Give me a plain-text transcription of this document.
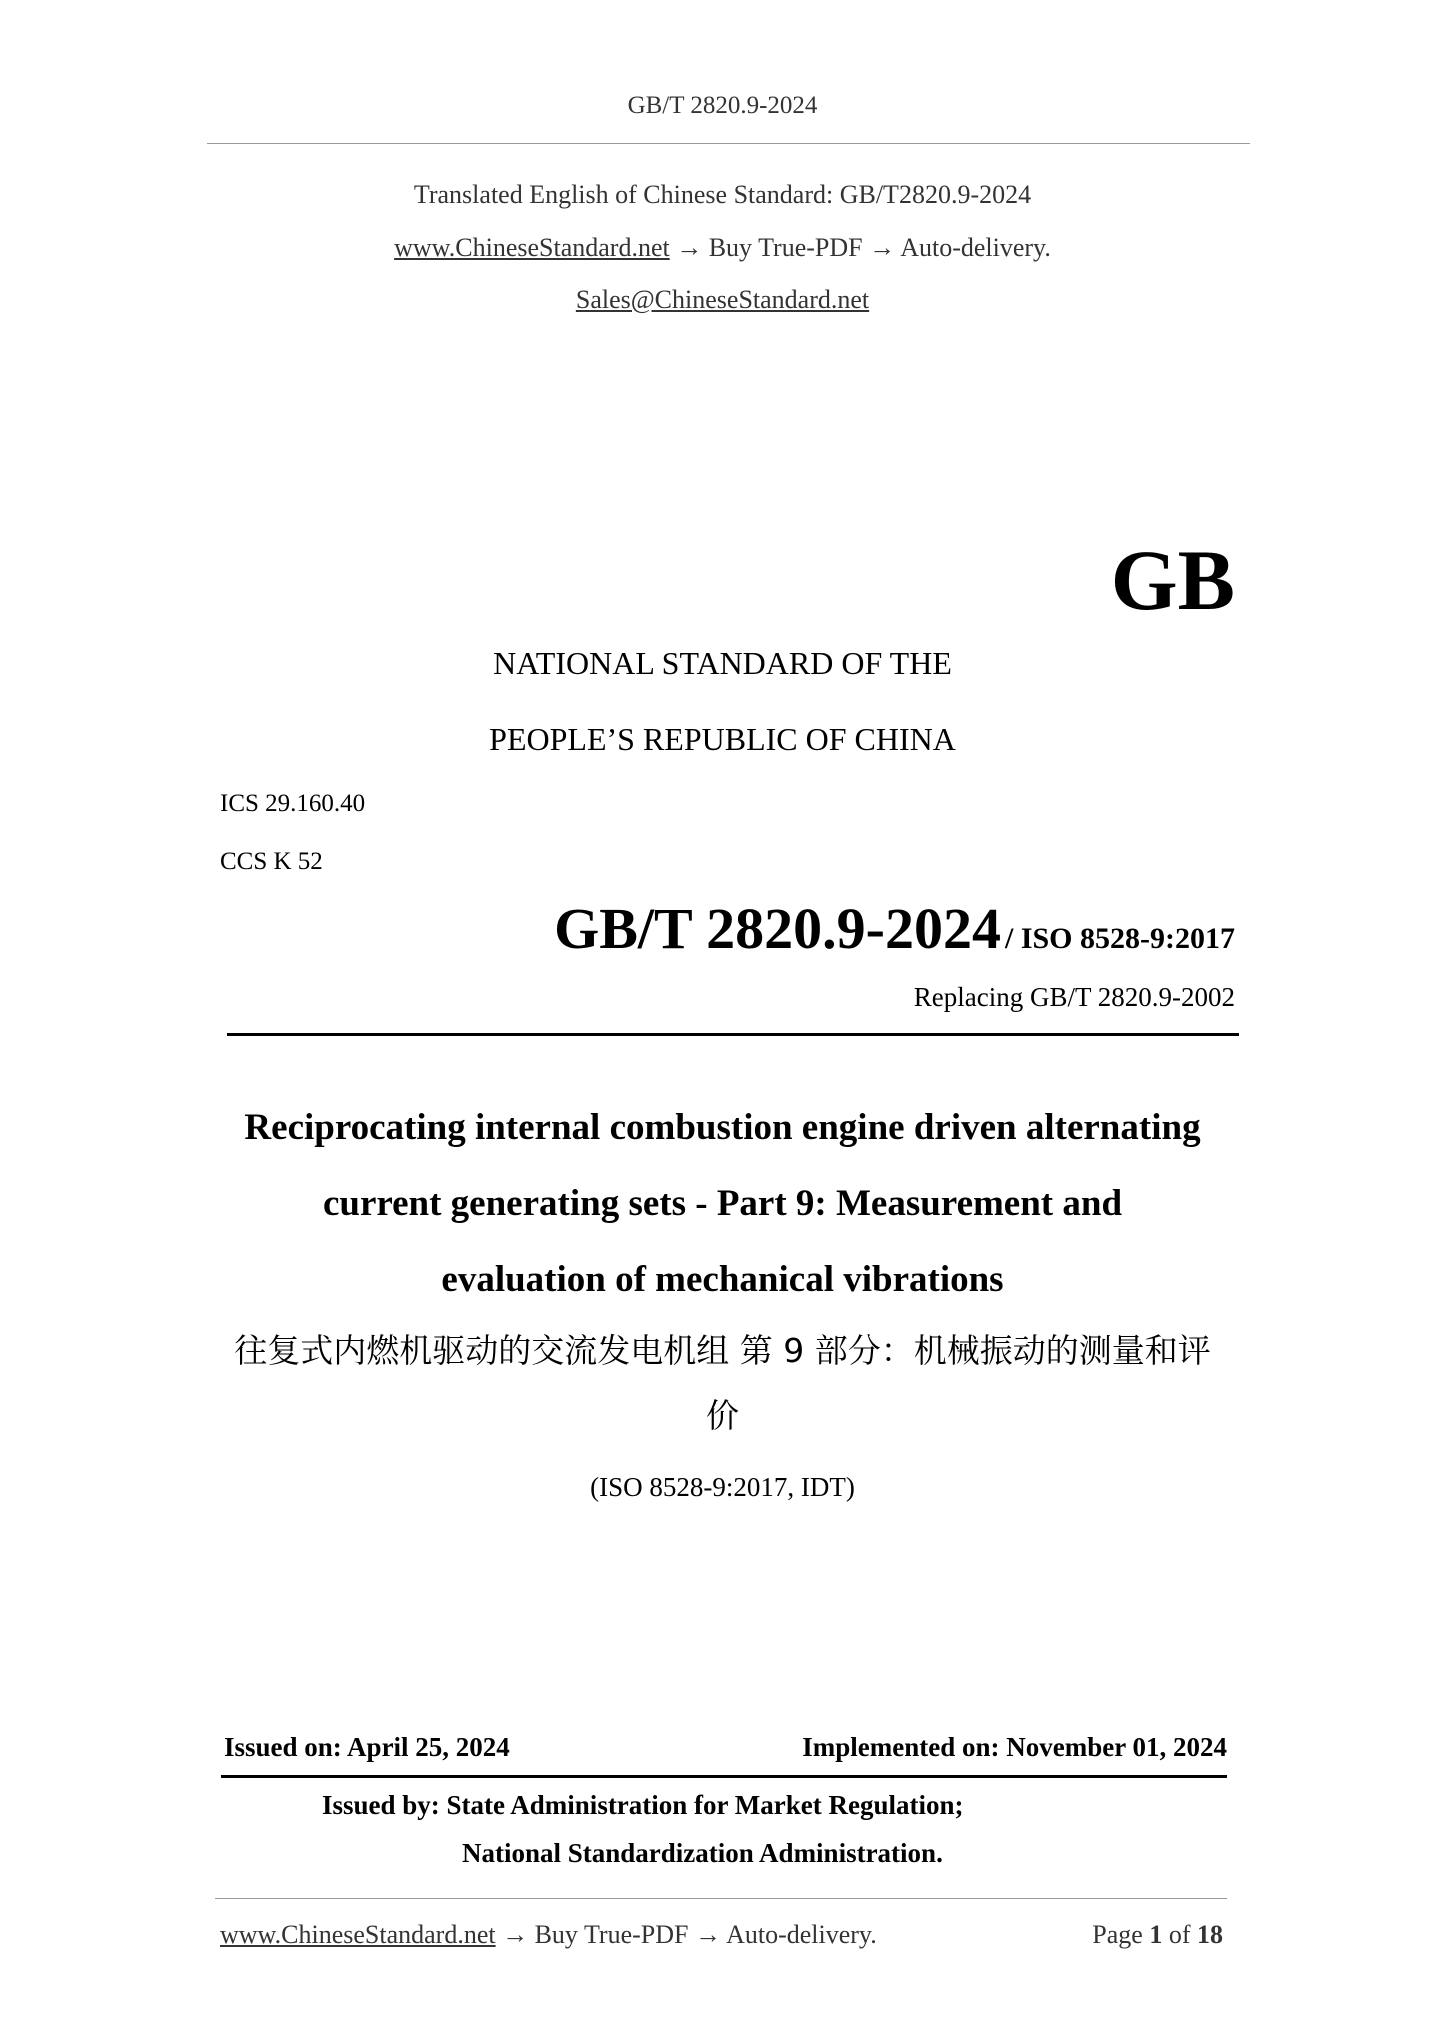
GB/T 2820.9-2024
Translated English of Chinese Standard: GB/T2820.9-2024
www.ChineseStandard.net → Buy True-PDF → Auto-delivery.
Sales@ChineseStandard.net
GB
NATIONAL STANDARD OF THE
PEOPLE’S REPUBLIC OF CHINA
ICS 29.160.40
CCS K 52
GB/T 2820.9-2024 / ISO 8528-9:2017
Replacing GB/T 2820.9-2002
Reciprocating internal combustion engine driven alternating
current generating sets - Part 9: Measurement and
evaluation of mechanical vibrations
往复式内燃机驱动的交流发电机组 第 9 部分：机械振动的测量和评
价
(ISO 8528-9:2017, IDT)
Issued on: April 25, 2024	Implemented on: November 01, 2024
Issued by: State Administration for Market Regulation;
National Standardization Administration.
www.ChineseStandard.net → Buy True-PDF → Auto-delivery.	Page 1 of 18
